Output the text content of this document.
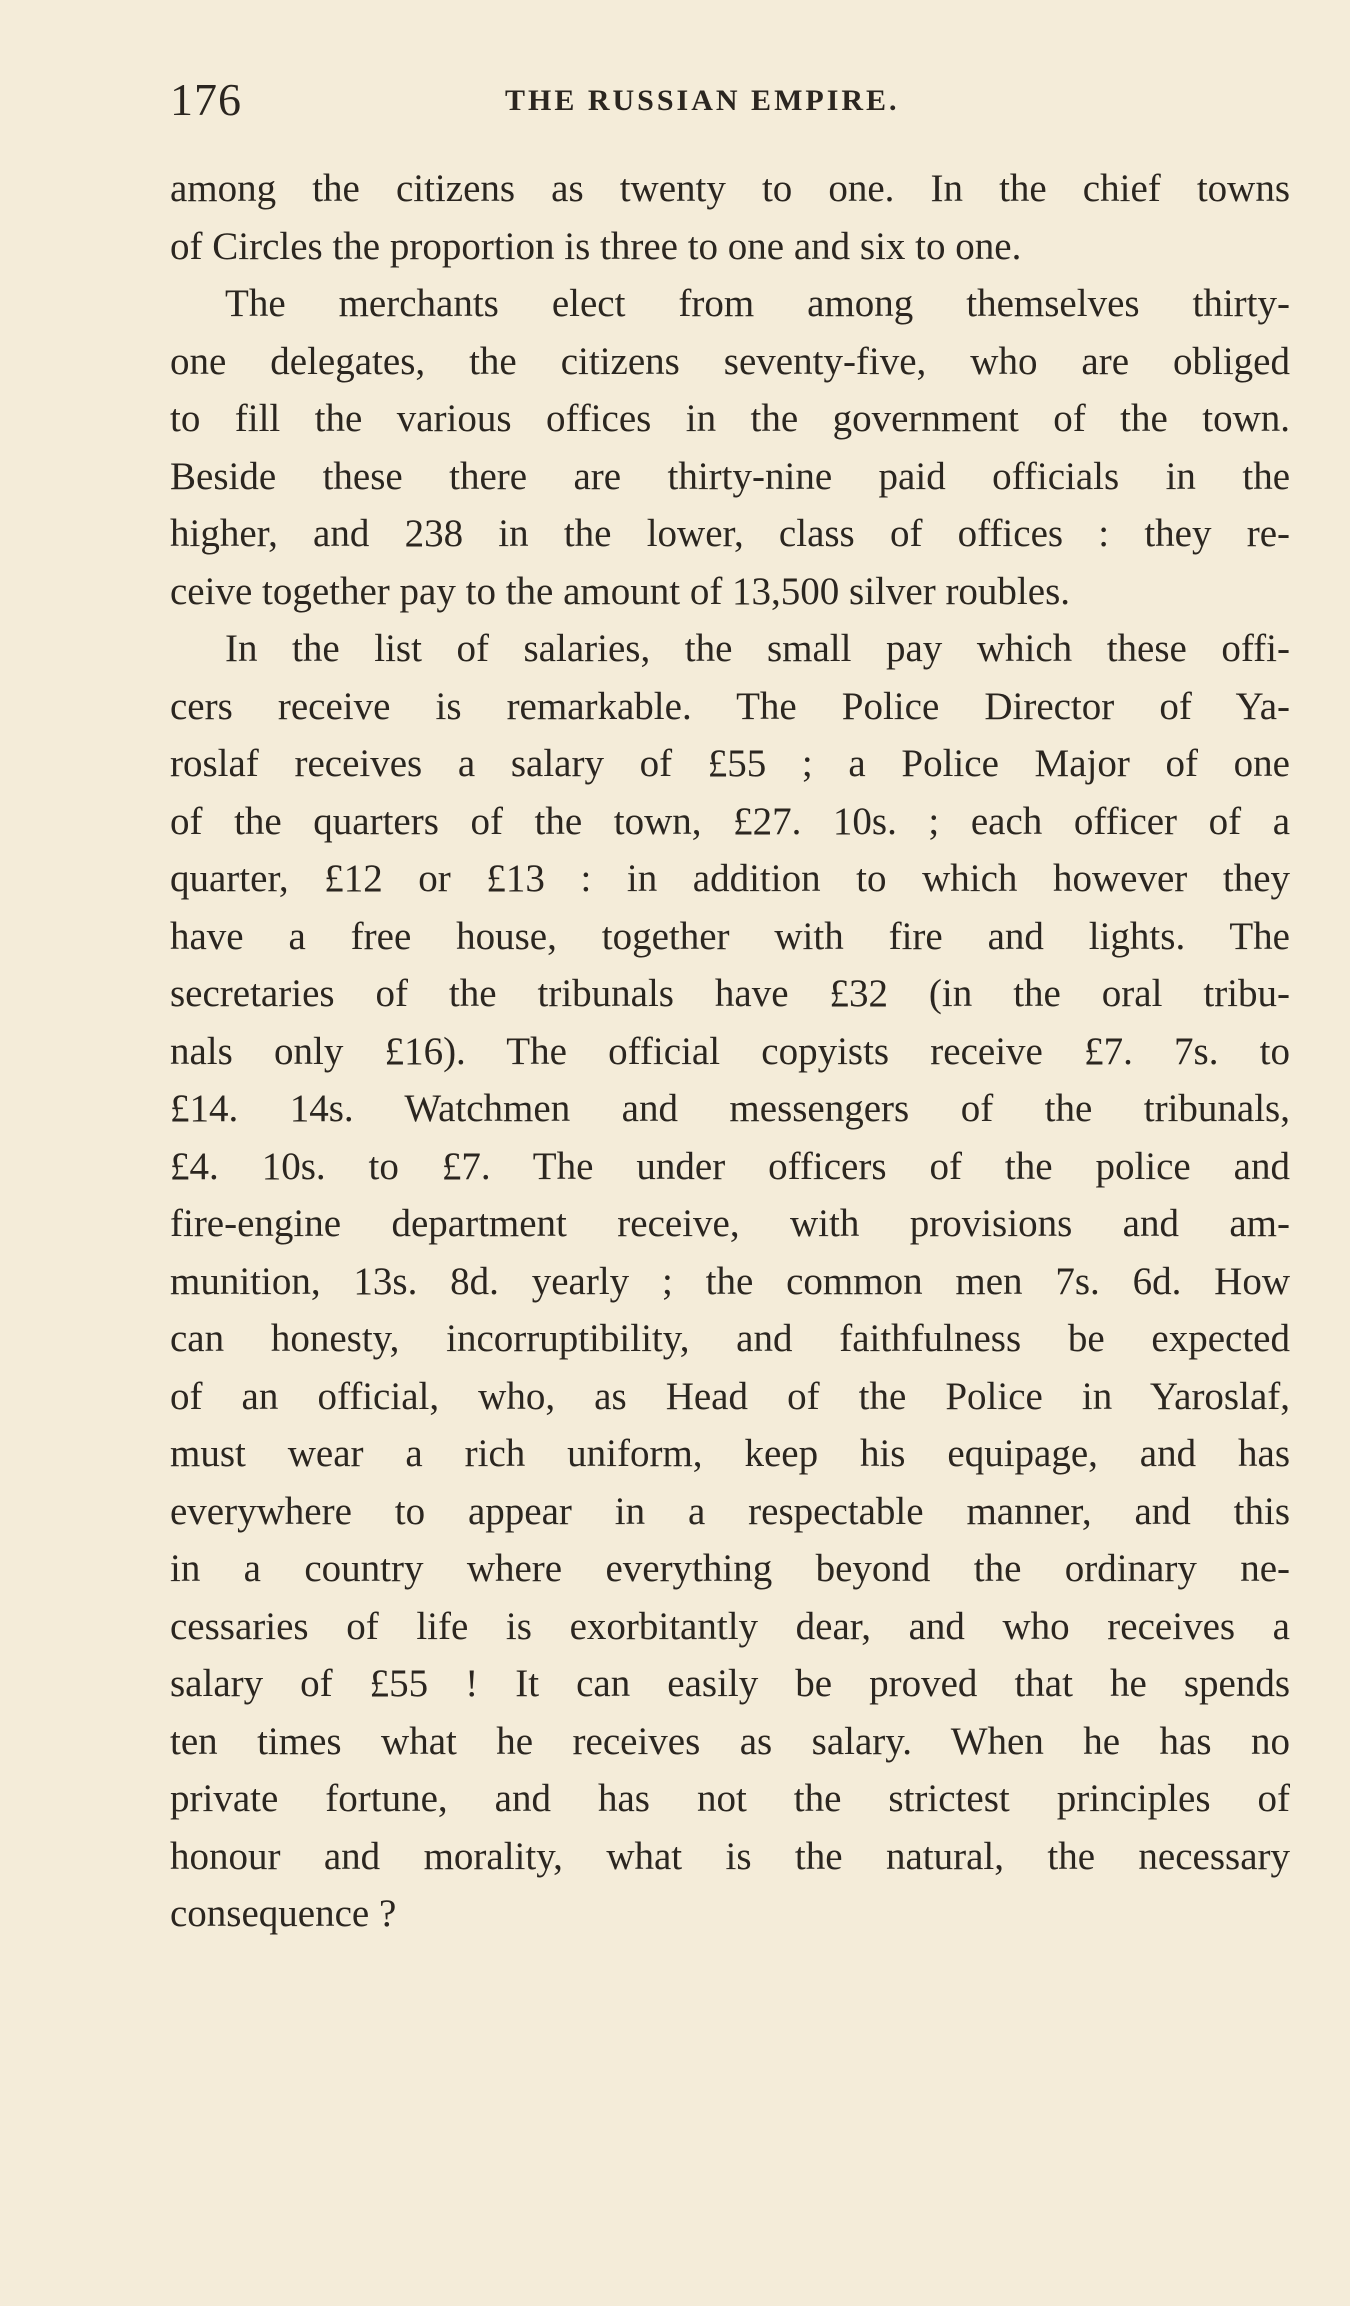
176	THE RUSSIAN EMPIRE.
among the citizens as twenty to one. In the chief towns
of Circles the proportion is three to one and six to one.
The merchants elect from among themselves thirty-
one delegates, the citizens seventy-five, who are obliged
to fill the various offices in the government of the town.
Beside these there are thirty-nine paid officials in the
higher, and 238 in the lower, class of offices : they re-
ceive together pay to the amount of 13,500 silver roubles.
In the list of salaries, the small pay which these offi-
cers receive is remarkable. The Police Director of Ya-
roslaf receives a salary of £55 ; a Police Major of one
of the quarters of the town, £27. 10s. ; each officer of a
quarter, £12 or £13 : in addition to which however they
have a free house, together with fire and lights. The
secretaries of the tribunals have £32 (in the oral tribu-
nals only £16). The official copyists receive £7. 7s. to
£14. 14s. Watchmen and messengers of the tribunals,
£4. 10s. to £7. The under officers of the police and
fire-engine department receive, with provisions and am-
munition, 13s. 8d. yearly ; the common men 7s. 6d. How
can honesty, incorruptibility, and faithfulness be expected
of an official, who, as Head of the Police in Yaroslaf,
must wear a rich uniform, keep his equipage, and has
everywhere to appear in a respectable manner, and this
in a country where everything beyond the ordinary ne-
cessaries of life is exorbitantly dear, and who receives a
salary of £55 ! It can easily be proved that he spends
ten times what he receives as salary. When he has no
private fortune, and has not the strictest principles of
honour and morality, what is the natural, the necessary
consequence ?
